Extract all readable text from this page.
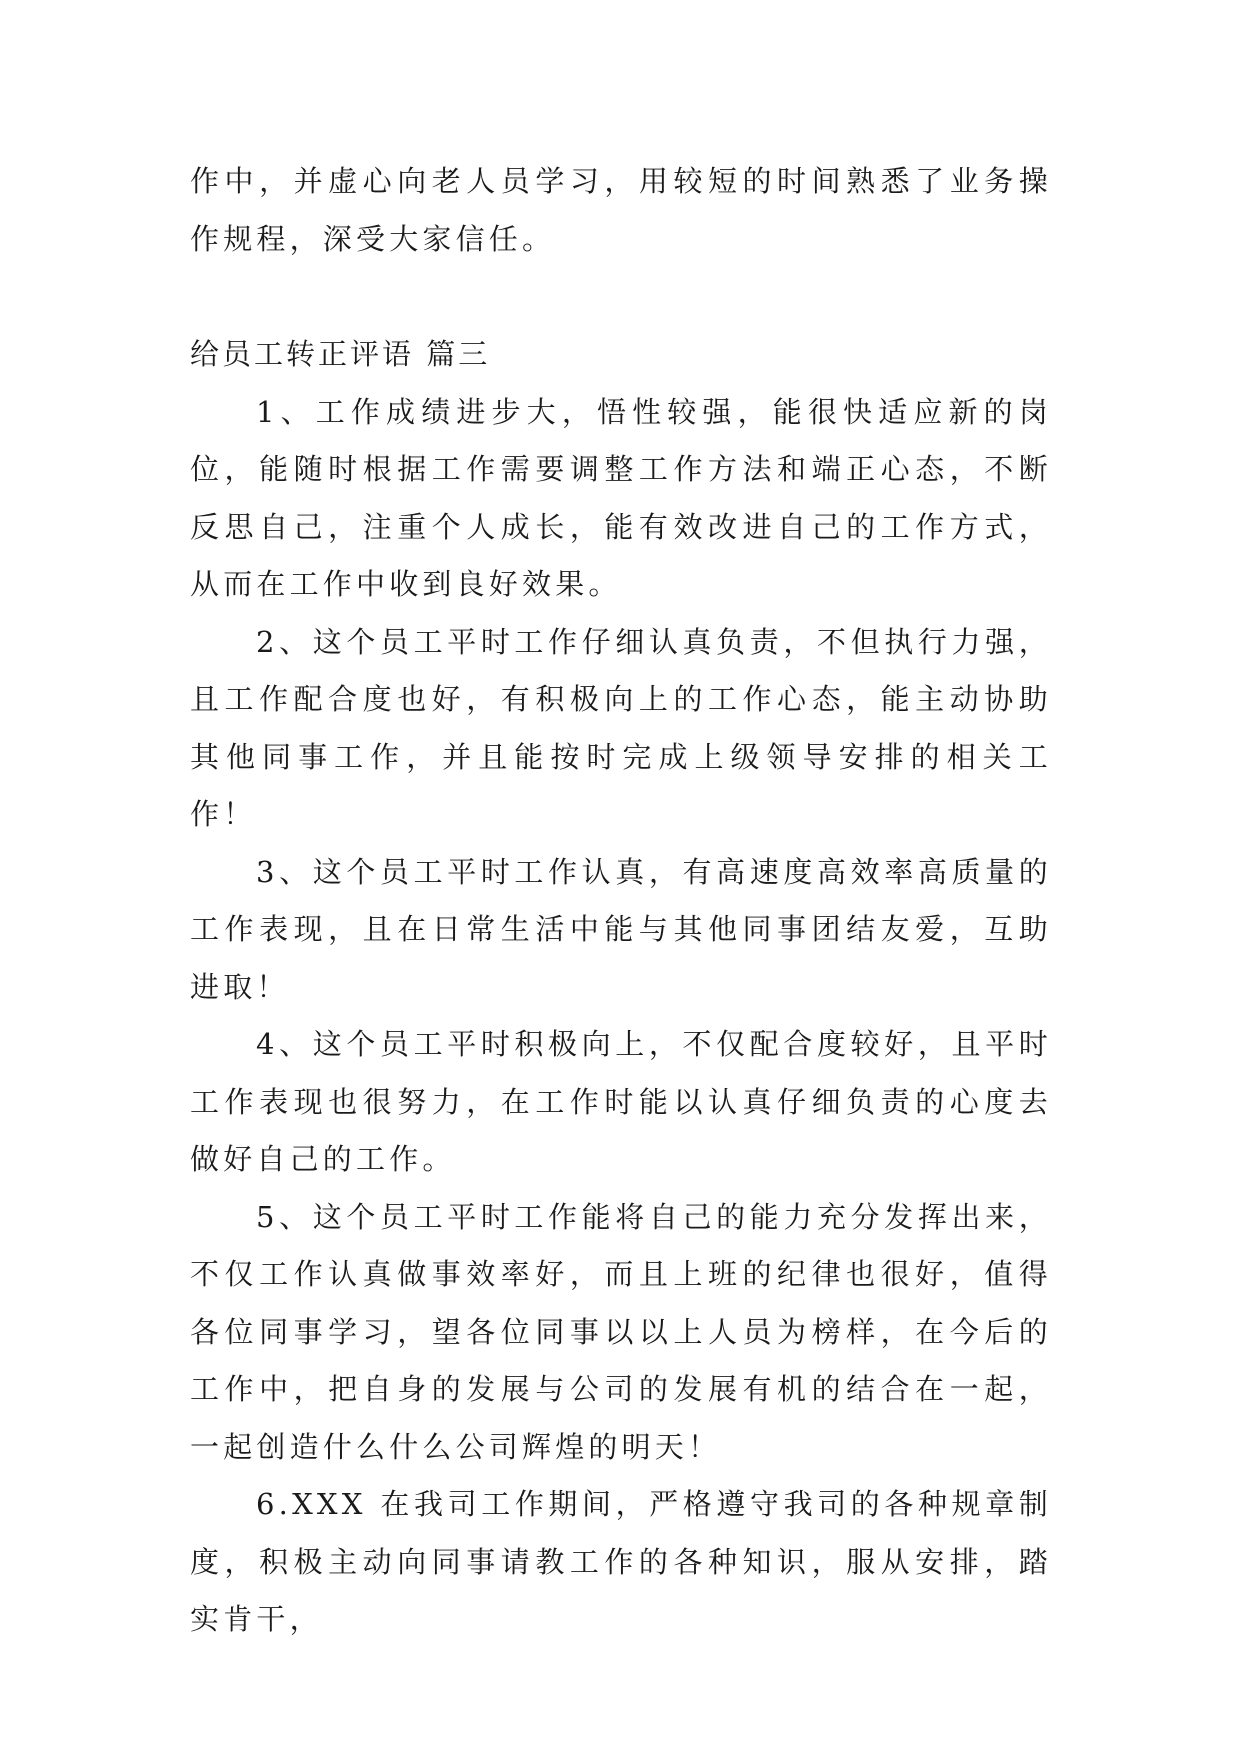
作中，并虚心向老人员学习，用较短的时间熟悉了业务操作规程，深受大家信任。

给员工转正评语 篇三

1、工作成绩进步大，悟性较强，能很快适应新的岗位，能随时根据工作需要调整工作方法和端正心态，不断反思自己，注重个人成长，能有效改进自己的工作方式，从而在工作中收到良好效果。

2、这个员工平时工作仔细认真负责，不但执行力强，且工作配合度也好，有积极向上的工作心态，能主动协助其他同事工作，并且能按时完成上级领导安排的相关工作！

3、这个员工平时工作认真，有高速度高效率高质量的工作表现，且在日常生活中能与其他同事团结友爱，互助进取！

4、这个员工平时积极向上，不仅配合度较好，且平时工作表现也很努力，在工作时能以认真仔细负责的心度去做好自己的工作。

5、这个员工平时工作能将自己的能力充分发挥出来，不仅工作认真做事效率好，而且上班的纪律也很好，值得各位同事学习，望各位同事以以上人员为榜样，在今后的工作中，把自身的发展与公司的发展有机的结合在一起，一起创造什么什么公司辉煌的明天！

6.XXX 在我司工作期间，严格遵守我司的各种规章制度，积极主动向同事请教工作的各种知识，服从安排，踏实肯干，
